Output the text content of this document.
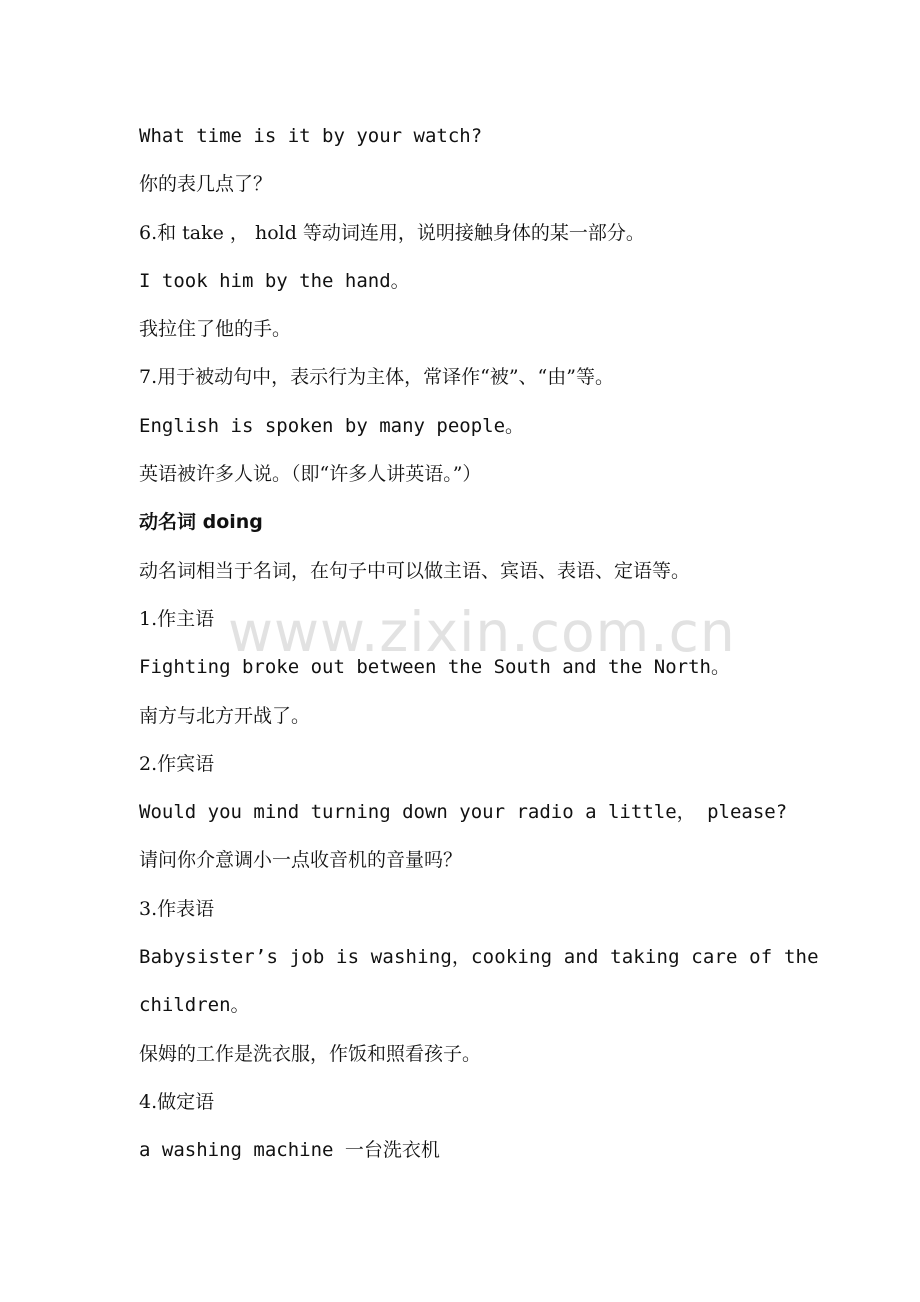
www.zixin.com.cn
What time is it by your watch?
你的表几点了？
6.和 take ， hold 等动词连用，说明接触身体的某一部分。
I took him by the hand。
我拉住了他的手。
7.用于被动句中，表示行为主体，常译作“被”、“由”等。
English is spoken by many people。
英语被许多人说。（即“许多人讲英语。”）
动名词 doing
动名词相当于名词，在句子中可以做主语、宾语、表语、定语等。
1.作主语
Fighting broke out between the South and the North。
南方与北方开战了。
2.作宾语
Would you mind turning down your radio a little， please?
请问你介意调小一点收音机的音量吗？
3.作表语
Babysister’s job is washing，cooking and taking care of the
children。
保姆的工作是洗衣服，作饭和照看孩子。
4.做定语
a washing machine 一台洗衣机
